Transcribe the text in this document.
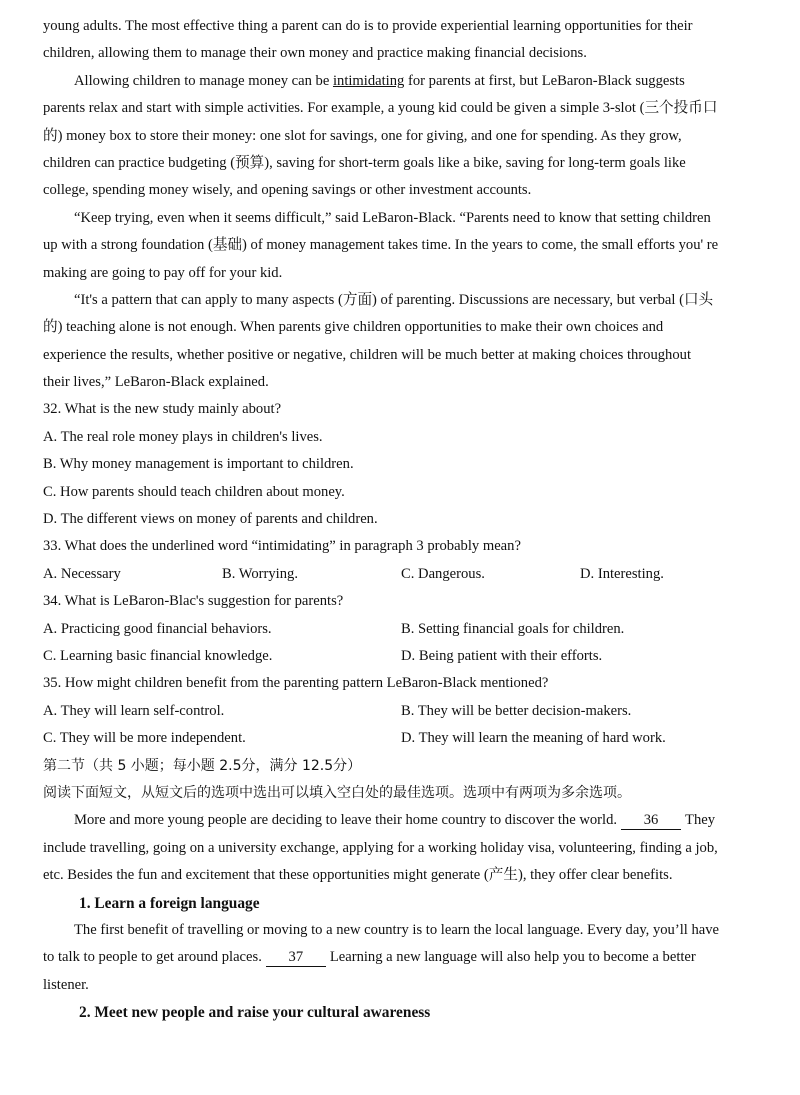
young adults. The most effective thing a parent can do is to provide experiential learning opportunities for their
children, allowing them to manage their own money and practice making financial decisions.
Allowing children to manage money can be intimidating for parents at first, but LeBaron-Black suggests
parents relax and start with simple activities. For example, a young kid could be given a simple 3-slot (三个投币口
的) money box to store their money: one slot for savings, one for giving, and one for spending. As they grow,
children can practice budgeting (预算), saving for short-term goals like a bike, saving for long-term goals like
college, spending money wisely, and opening savings or other investment accounts.
“Keep trying, even when it seems difficult,” said LeBaron-Black. “Parents need to know that setting children
up with a strong foundation (基础) of money management takes time. In the years to come, the small efforts you' re
making are going to pay off for your kid.
“It's a pattern that can apply to many aspects (方面) of parenting. Discussions are necessary, but verbal (口头
的) teaching alone is not enough. When parents give children opportunities to make their own choices and
experience the results, whether positive or negative, children will be much better at making choices throughout
their lives,” LeBaron-Black explained.
32. What is the new study mainly about?
A. The real role money plays in children's lives.
B. Why money management is important to children.
C. How parents should teach children about money.
D. The different views on money of parents and children.
33. What does the underlined word “intimidating” in paragraph 3 probably mean?
A. Necessary	B. Worrying.	C. Dangerous.	D. Interesting.
34. What is LeBaron-Blac's suggestion for parents?
A. Practicing good financial behaviors.	B. Setting financial goals for children.
C. Learning basic financial knowledge.	D. Being patient with their efforts.
35. How might children benefit from the parenting pattern LeBaron-Black mentioned?
A. They will learn self-control.	B. They will be better decision-makers.
C. They will be more independent.	D. They will learn the meaning of hard work.
第二节（共 5 小题；每小题 2.5分，满分 12.5分）
阅读下面短文，从短文后的选项中选出可以填入空白处的最佳选项。选项中有两项为多余选项。
More and more young people are deciding to leave their home country to discover the world. 36 They
include travelling, going on a university exchange, applying for a working holiday visa, volunteering, finding a job,
etc. Besides the fun and excitement that these opportunities might generate (产生), they offer clear benefits.
1. Learn a foreign language
The first benefit of travelling or moving to a new country is to learn the local language. Every day, you’ll have
to talk to people to get around places. 37 Learning a new language will also help you to become a better
listener.
2. Meet new people and raise your cultural awareness
